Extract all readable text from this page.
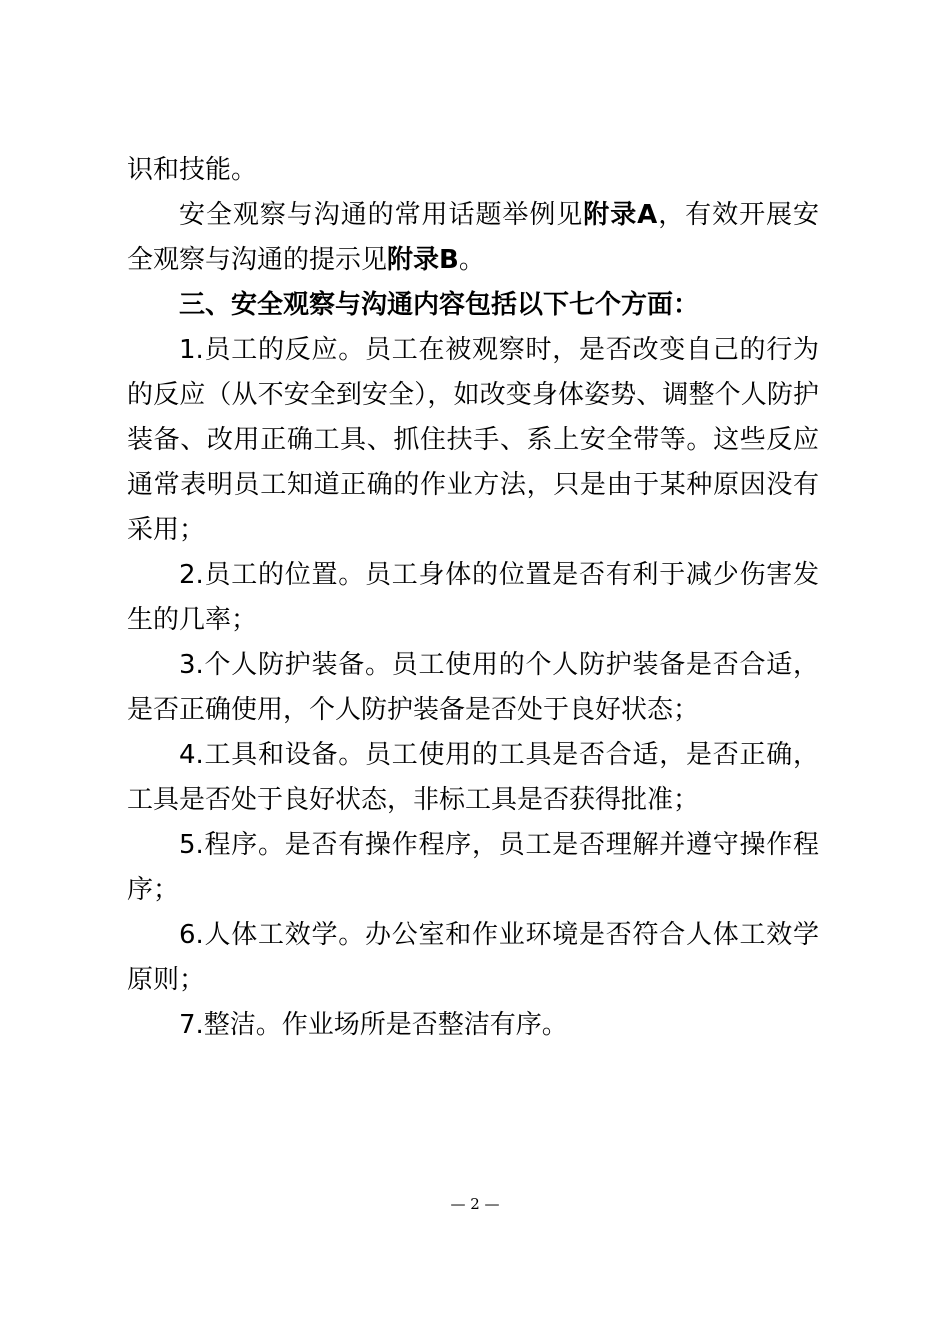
识和技能。

安全观察与沟通的常用话题举例见附录A，有效开展安全观察与沟通的提示见附录B。

三、安全观察与沟通内容包括以下七个方面：

1.员工的反应。员工在被观察时，是否改变自己的行为的反应（从不安全到安全），如改变身体姿势、调整个人防护装备、改用正确工具、抓住扶手、系上安全带等。这些反应通常表明员工知道正确的作业方法，只是由于某种原因没有采用；

2.员工的位置。员工身体的位置是否有利于减少伤害发生的几率；

3.个人防护装备。员工使用的个人防护装备是否合适，是否正确使用，个人防护装备是否处于良好状态；

4.工具和设备。员工使用的工具是否合适，是否正确，工具是否处于良好状态，非标工具是否获得批准；

5.程序。是否有操作程序，员工是否理解并遵守操作程序；

6.人体工效学。办公室和作业环境是否符合人体工效学原则；

7.整洁。作业场所是否整洁有序。

— 2 —
